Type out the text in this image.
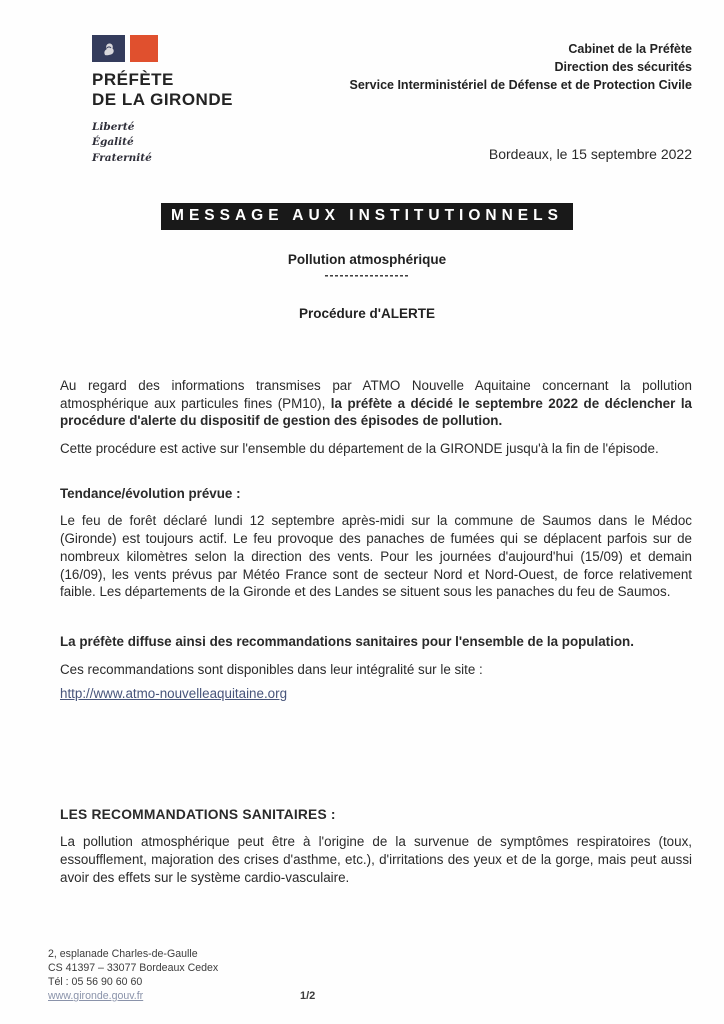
PRÉFÈTE
DE LA GIRONDE
Liberté
Égalité
Fraternité
Cabinet de la Préfète
Direction des sécurités
Service Interministériel de Défense et de Protection Civile
Bordeaux, le 15 septembre 2022
MESSAGE AUX INSTITUTIONNELS
Pollution atmosphérique
-----------------
Procédure d'ALERTE

Au regard des informations transmises par ATMO Nouvelle Aquitaine concernant la pollution atmosphérique aux particules fines (PM10), la préfète a décidé le septembre 2022 de déclencher la procédure d'alerte du dispositif de gestion des épisodes de pollution.

Cette procédure est active sur l'ensemble du département de la GIRONDE jusqu'à la fin de l'épisode.

Tendance/évolution prévue :

Le feu de forêt déclaré lundi 12 septembre après-midi sur la commune de Saumos dans le Médoc (Gironde) est toujours actif. Le feu provoque des panaches de fumées qui se déplacent parfois sur de nombreux kilomètres selon la direction des vents. Pour les journées d'aujourd'hui (15/09) et demain (16/09), les vents prévus par Météo France sont de secteur Nord et Nord-Ouest, de force relativement faible. Les départements de la Gironde et des Landes se situent sous les panaches du feu de Saumos.

La préfète diffuse ainsi des recommandations sanitaires pour l'ensemble de la population.
Ces recommandations sont disponibles dans leur intégralité sur le site :
http://www.atmo-nouvelleaquitaine.org
LES RECOMMANDATIONS SANITAIRES :

La pollution atmosphérique peut être à l'origine de la survenue de symptômes respiratoires (toux, essoufflement, majoration des crises d'asthme, etc.), d'irritations des yeux et de la gorge, mais peut aussi avoir des effets sur le système cardio-vasculaire.

2, esplanade Charles-de-Gaulle
CS 41397 – 33077 Bordeaux Cedex
Tél : 05 56 90 60 60
www.gironde.gouv.fr	1/2
